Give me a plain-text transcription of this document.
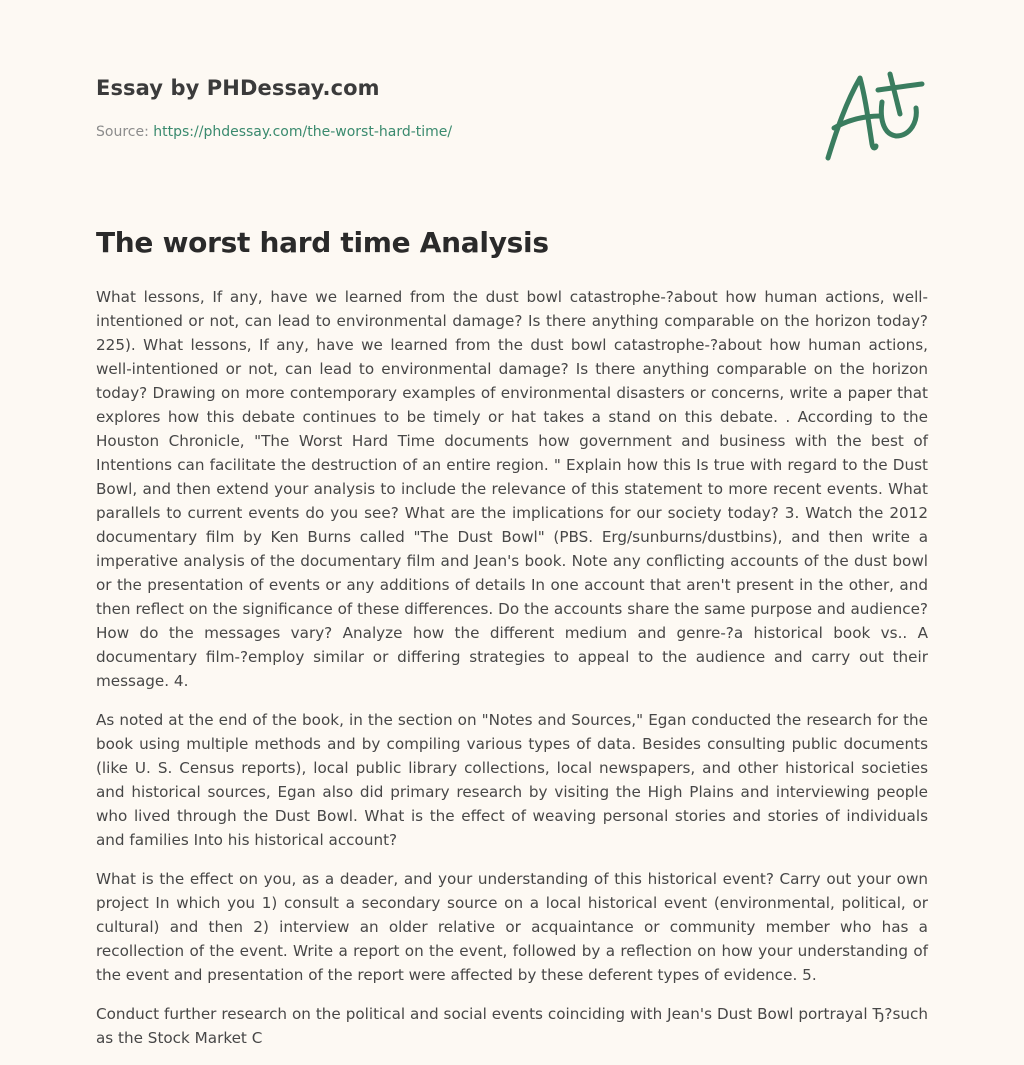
Essay by PHDessay.com
Source: https://phdessay.com/the-worst-hard-time/
The worst hard time Analysis

What lessons, If any, have we learned from the dust bowl catastrophe-?about how human actions, well-intentioned or not, can lead to environmental damage? Is there anything comparable on the horizon today? 225). What lessons, If any, have we learned from the dust bowl catastrophe-?about how human actions, well-intentioned or not, can lead to environmental damage? Is there anything comparable on the horizon today? Drawing on more contemporary examples of environmental disasters or concerns, write a paper that explores how this debate continues to be timely or hat takes a stand on this debate. . According to the Houston Chronicle, "The Worst Hard Time documents how government and business with the best of Intentions can facilitate the destruction of an entire region. " Explain how this Is true with regard to the Dust Bowl, and then extend your analysis to include the relevance of this statement to more recent events. What parallels to current events do you see? What are the implications for our society today? 3. Watch the 2012 documentary film by Ken Burns called "The Dust Bowl" (PBS. Erg/sunburns/dustbins), and then write a imperative analysis of the documentary film and Jean's book. Note any conflicting accounts of the dust bowl or the presentation of events or any additions of details In one account that aren't present in the other, and then reflect on the significance of these differences. Do the accounts share the same purpose and audience? How do the messages vary? Analyze how the different medium and genre-?a historical book vs.. A documentary film-?employ similar or differing strategies to appeal to the audience and carry out their message. 4.

As noted at the end of the book, in the section on "Notes and Sources," Egan conducted the research for the book using multiple methods and by compiling various types of data. Besides consulting public documents (like U. S. Census reports), local public library collections, local newspapers, and other historical societies and historical sources, Egan also did primary research by visiting the High Plains and interviewing people who lived through the Dust Bowl. What is the effect of weaving personal stories and stories of individuals and families Into his historical account?

What is the effect on you, as a deader, and your understanding of this historical event? Carry out your own project In which you 1) consult a secondary source on a local historical event (environmental, political, or cultural) and then 2) interview an older relative or acquaintance or community member who has a recollection of the event. Write a report on the event, followed by a reflection on how your understanding of the event and presentation of the report were affected by these deferent types of evidence. 5.

Conduct further research on the political and social events coinciding with Jean's Dust Bowl portrayal Ђ?such as the Stock Market C
